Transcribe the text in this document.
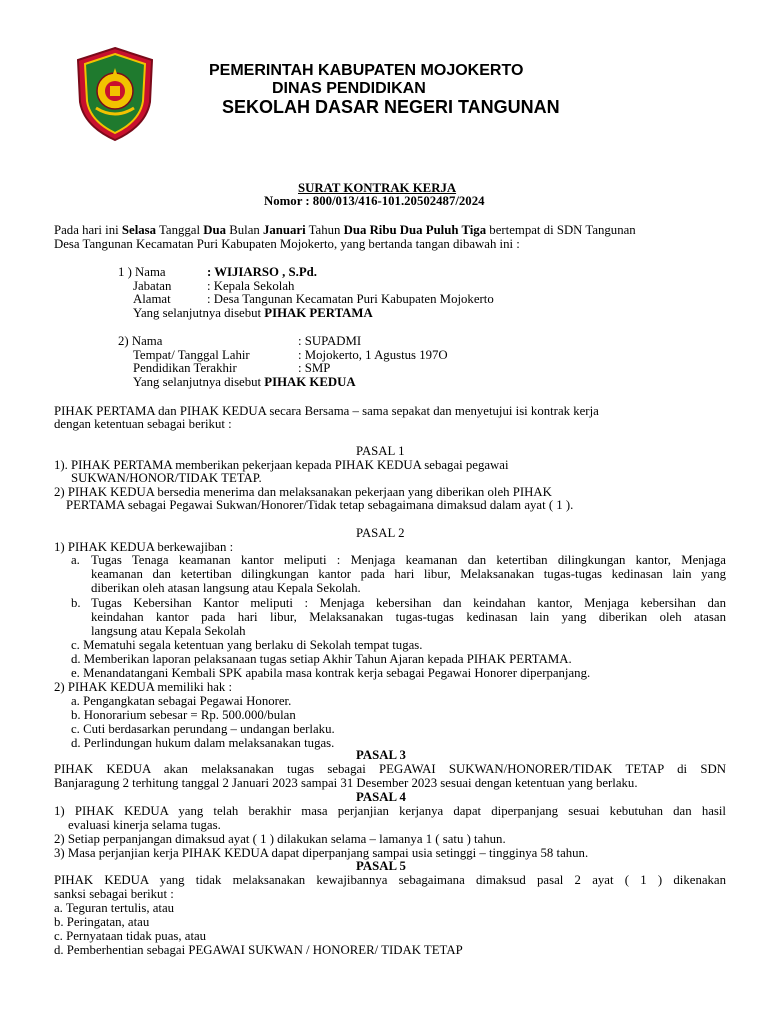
PEMERINTAH KABUPATEN MOJOKERTO
DINAS PENDIDIKAN
SEKOLAH DASAR NEGERI TANGUNAN
SURAT KONTRAK KERJA
Nomor : 800/013/416-101.20502487/2024
Pada hari ini Selasa Tanggal Dua Bulan Januari Tahun Dua Ribu Dua Puluh Tiga bertempat di SDN Tangunan
Desa Tangunan Kecamatan Puri Kabupaten Mojokerto, yang bertanda tangan dibawah ini :
1 ) Nama	: WIJIARSO , S.Pd.
Jabatan	: Kepala Sekolah
Alamat	: Desa Tangunan Kecamatan Puri Kabupaten Mojokerto
Yang selanjutnya disebut PIHAK PERTAMA
2) Nama	: SUPADMI
Tempat/ Tanggal Lahir	: Mojokerto, 1 Agustus 197O
Pendidikan Terakhir	: SMP
Yang selanjutnya disebut PIHAK KEDUA
PIHAK PERTAMA dan PIHAK KEDUA secara Bersama – sama sepakat dan menyetujui isi kontrak kerja
dengan ketentuan sebagai berikut :
PASAL 1
1). PIHAK PERTAMA memberikan pekerjaan kepada PIHAK KEDUA sebagai pegawai
SUKWAN/HONOR/TIDAK TETAP.
2) PIHAK KEDUA bersedia menerima dan melaksanakan pekerjaan yang diberikan oleh PIHAK
PERTAMA sebagai Pegawai Sukwan/Honorer/Tidak tetap sebagaimana dimaksud dalam ayat ( 1 ).
PASAL 2
1) PIHAK KEDUA berkewajiban :
a. Tugas Tenaga keamanan kantor meliputi : Menjaga keamanan dan ketertiban dilingkungan kantor, Menjaga
keamanan dan ketertiban dilingkungan kantor pada hari libur, Melaksanakan tugas-tugas kedinasan lain yang
diberikan oleh atasan langsung atau Kepala Sekolah.
b. Tugas Kebersihan Kantor meliputi : Menjaga kebersihan dan keindahan kantor, Menjaga kebersihan dan
keindahan kantor pada hari libur, Melaksanakan tugas-tugas kedinasan lain yang diberikan oleh atasan
langsung atau Kepala Sekolah
c. Mematuhi segala ketentuan yang berlaku di Sekolah tempat tugas.
d. Memberikan laporan pelaksanaan tugas setiap Akhir Tahun Ajaran kepada PIHAK PERTAMA.
e. Menandatangani Kembali SPK apabila masa kontrak kerja sebagai Pegawai Honorer diperpanjang.
2) PIHAK KEDUA memiliki hak :
a. Pengangkatan sebagai Pegawai Honorer.
b. Honorarium sebesar = Rp. 500.000/bulan
c. Cuti berdasarkan perundang – undangan berlaku.
d. Perlindungan hukum dalam melaksanakan tugas.
PASAL 3
PIHAK KEDUA akan melaksanakan tugas sebagai PEGAWAI SUKWAN/HONORER/TIDAK TETAP di SDN
Banjaragung 2 terhitung tanggal 2 Januari 2023 sampai 31 Desember 2023 sesuai dengan ketentuan yang berlaku.
PASAL 4
1) PIHAK KEDUA yang telah berakhir masa perjanjian kerjanya dapat diperpanjang sesuai kebutuhan dan hasil
evaluasi kinerja selama tugas.
2) Setiap perpanjangan dimaksud ayat ( 1 ) dilakukan selama – lamanya 1 ( satu ) tahun.
3) Masa perjanjian kerja PIHAK KEDUA dapat diperpanjang sampai usia setinggi – tingginya 58 tahun.
PASAL 5
PIHAK KEDUA yang tidak melaksanakan kewajibannya sebagaimana dimaksud pasal 2 ayat ( 1 ) dikenakan
sanksi sebagai berikut :
a. Teguran tertulis, atau
b. Peringatan, atau
c. Pernyataan tidak puas, atau
d. Pemberhentian sebagai PEGAWAI SUKWAN / HONORER/ TIDAK TETAP
